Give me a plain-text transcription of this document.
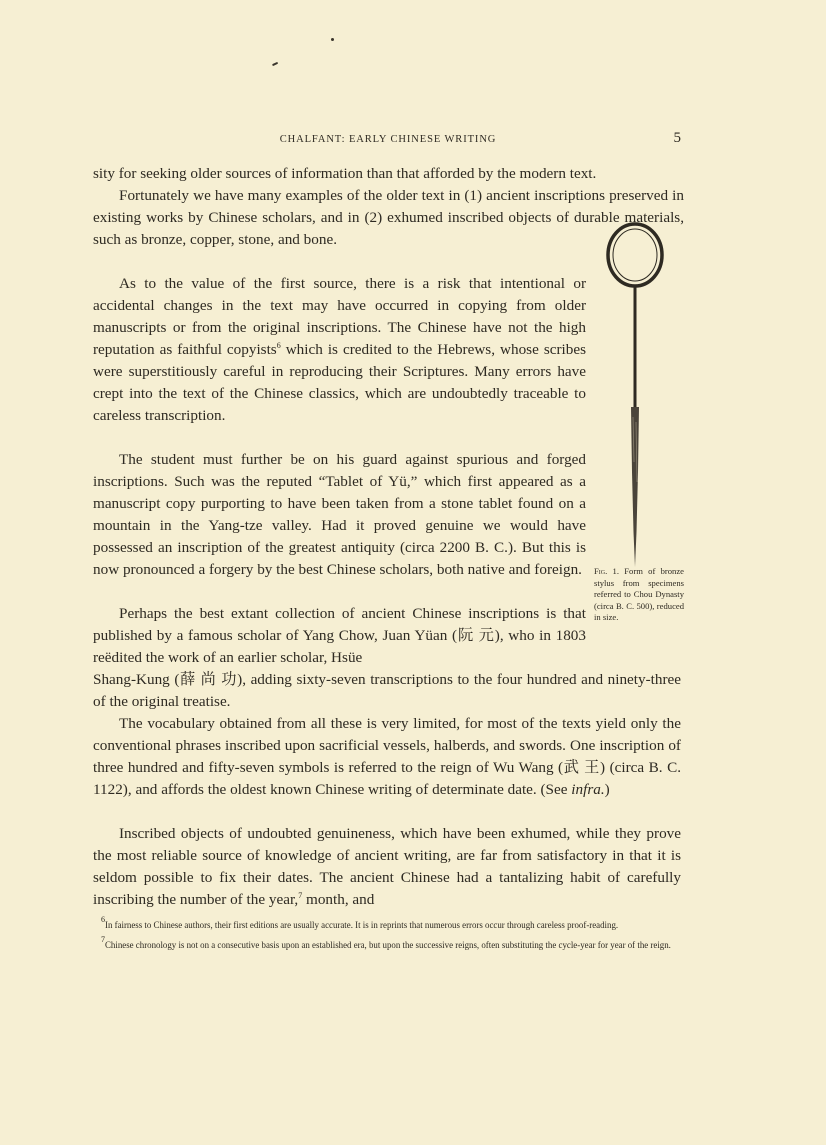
CHALFANT: EARLY CHINESE WRITING	5

sity for seeking older sources of information than that afforded by the modern text.

Fortunately we have many examples of the older text in (1) ancient inscriptions preserved in existing works by Chinese scholars, and in (2) exhumed inscribed objects of durable materials, such as bronze, copper, stone, and bone.

As to the value of the first source, there is a risk that intentional or accidental changes in the text may have occurred in copying from older manuscripts or from the original inscriptions. The Chinese have not the high reputation as faithful copyists$^6$ which is credited to the Hebrews, whose scribes were superstitiously careful in reproducing their Scriptures. Many errors have crept into the text of the Chinese classics, which are undoubtedly traceable to careless transcription.

The student must further be on his guard against spurious and forged inscriptions. Such was the reputed “Tablet of Yü,” which first appeared as a manuscript copy purporting to have been taken from a stone tablet found on a mountain in the Yang-tze valley. Had it proved genuine we would have possessed an inscription of the greatest antiquity (circa 2200 B. C.). But this is now pronounced a forgery by the best Chinese scholars, both native and foreign.

Perhaps the best extant collection of ancient Chinese inscriptions is that published by a famous scholar of Yang Chow, Juan Yüan (阮 元), who in 1803 reëdited the work of an earlier scholar, Hsüe

Shang-Kung (薛 尚 功), adding sixty-seven transcriptions to the four hundred and ninety-three of the original treatise.

The vocabulary obtained from all these is very limited, for most of the texts yield only the conventional phrases inscribed upon sacrificial vessels, halberds, and swords. One inscription of three hundred and fifty-seven symbols is referred to the reign of Wu Wang (武 王) (circa B. C. 1122), and affords the oldest known Chinese writing of determinate date. (See infra.)

Inscribed objects of undoubted genuineness, which have been exhumed, while they prove the most reliable source of knowledge of ancient writing, are far from satisfactory in that it is seldom possible to fix their dates. The ancient Chinese had a tantalizing habit of carefully inscribing the number of the year,$^7$ month, and

Fig. 1. Form of bronze stylus from specimens referred to Chou Dynasty (circa B. C. 500), reduced in size.

$^6$In fairness to Chinese authors, their first editions are usually accurate. It is in reprints that numerous errors occur through careless proof-reading.

$^7$Chinese chronology is not on a consecutive basis upon an established era, but upon the successive reigns, often substituting the cycle-year for year of the reign.
